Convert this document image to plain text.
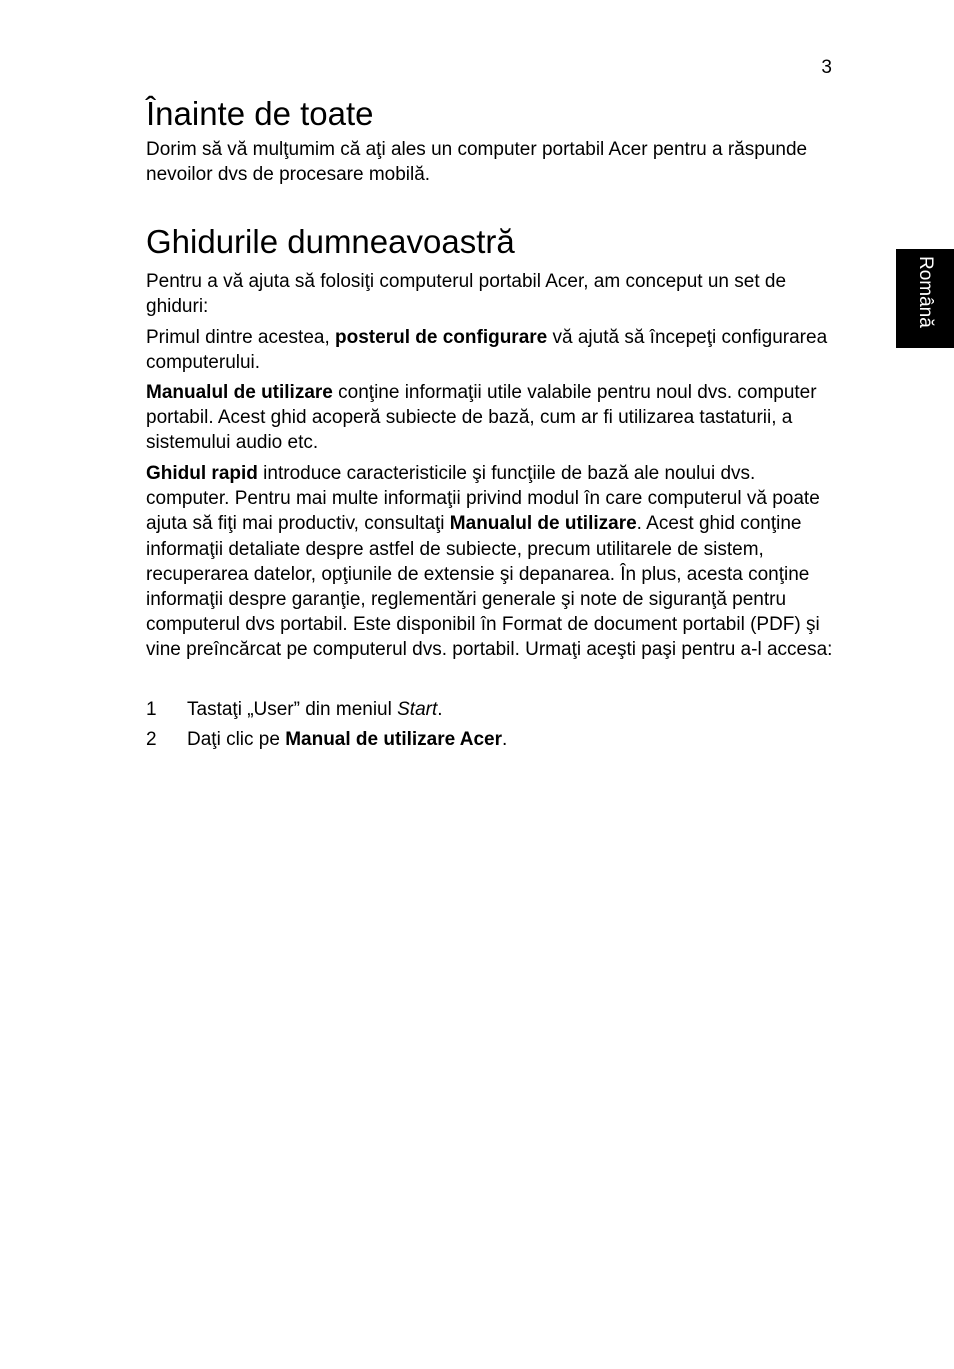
3
Română
Înainte de toate

Dorim să vă mulţumim că aţi ales un computer portabil Acer pentru a răspunde nevoilor dvs de procesare mobilă.

Ghidurile dumneavoastră

Pentru a vă ajuta să folosiţi computerul portabil Acer, am conceput un set de ghiduri:

Primul dintre acestea, posterul de configurare vă ajută să începeţi configurarea computerului.

Manualul de utilizare conţine informaţii utile valabile pentru noul dvs. computer portabil. Acest ghid acoperă subiecte de bază, cum ar fi utilizarea tastaturii, a sistemului audio etc.

Ghidul rapid introduce caracteristicile şi funcţiile de bază ale noului dvs. computer. Pentru mai multe informaţii privind modul în care computerul vă poate ajuta să fiţi mai productiv, consultaţi Manualul de utilizare. Acest ghid conţine informaţii detaliate despre astfel de subiecte, precum utilitarele de sistem, recuperarea datelor, opţiunile de extensie şi depanarea. În plus, acesta conţine informaţii despre garanţie, reglementări generale şi note de siguranţă pentru computerul dvs portabil. Este disponibil în Format de document portabil (PDF) şi vine preîncărcat pe computerul dvs. portabil. Urmaţi aceşti paşi pentru a-l accesa:

1 Tastaţi „User” din meniul Start.
2 Daţi clic pe Manual de utilizare Acer.
